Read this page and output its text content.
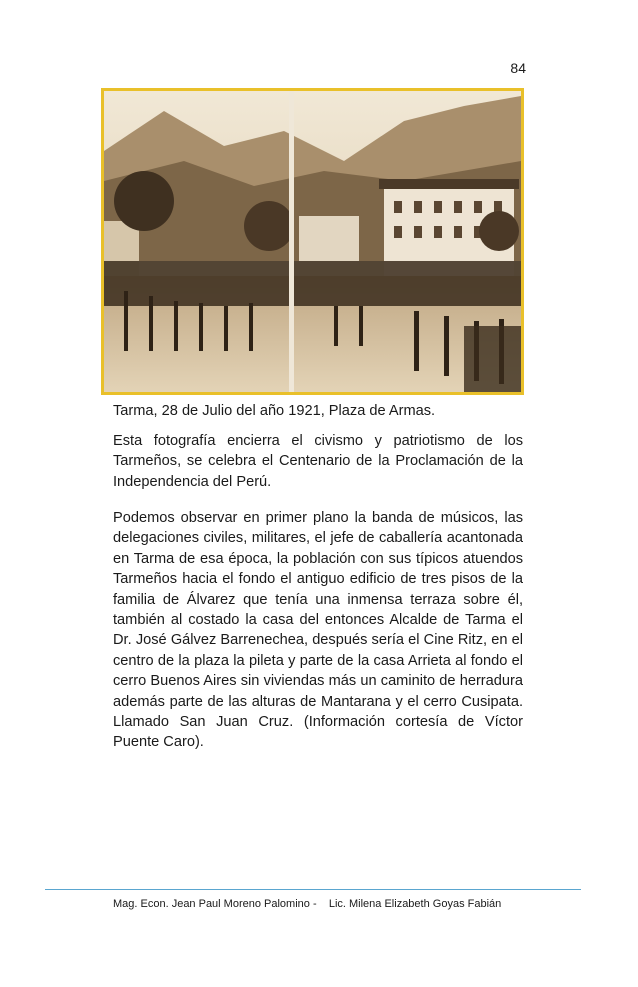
84
Tarma, 28 de Julio del año 1921, Plaza de Armas.

Esta fotografía encierra el civismo y patriotismo de los Tarmeños, se celebra el Centenario de la Proclamación de la Independencia del Perú.

Podemos observar en primer plano la banda de músicos, las delegaciones civiles, militares, el jefe de caballería acantonada en Tarma de esa época, la población con sus típicos atuendos Tarmeños hacia el fondo el antiguo edificio de tres pisos de la familia de Álvarez que tenía una inmensa terraza sobre él, también al costado la casa del entonces Alcalde de Tarma el Dr. José Gálvez Barrenechea, después sería el Cine Ritz, en el centro de la plaza la pileta y parte de la casa Arrieta al fondo el cerro Buenos Aires sin viviendas más un caminito de herradura además parte de las alturas de Mantarana y el cerro Cusipata. Llamado San Juan Cruz. (Información cortesía de Víctor Puente Caro).

Mag. Econ. Jean Paul Moreno Palomino -    Lic. Milena Elizabeth Goyas Fabián
